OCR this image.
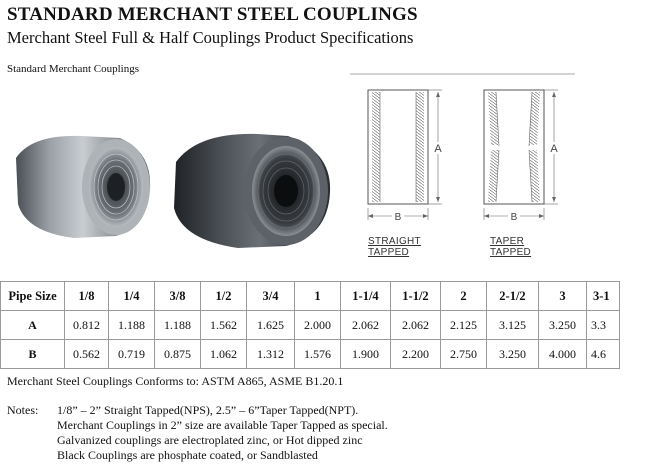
STANDARD MERCHANT STEEL COUPLINGS
Merchant Steel Full & Half Couplings Product Specifications
Standard Merchant Couplings
A
B
A
B
STRAIGHT
TAPPED
TAPER
TAPPED
Pipe Size	1/8	1/4	3/8	1/2	3/4	1	1-1/4	1-1/2	2	2-1/2	3	3-1
A	0.812	1.188	1.188	1.562	1.625	2.000	2.062	2.062	2.125	3.125	3.250	3.3
B	0.562	0.719	0.875	1.062	1.312	1.576	1.900	2.200	2.750	3.250	4.000	4.6
Merchant Steel Couplings Conforms to: ASTM A865, ASME B1.20.1
Notes: 1/8” – 2” Straight Tapped(NPS), 2.5” – 6”Taper Tapped(NPT).
Merchant Couplings in 2” size are available Taper Tapped as special.
Galvanized couplings are electroplated zinc, or Hot dipped zinc
Black Couplings are phosphate coated, or Sandblasted
